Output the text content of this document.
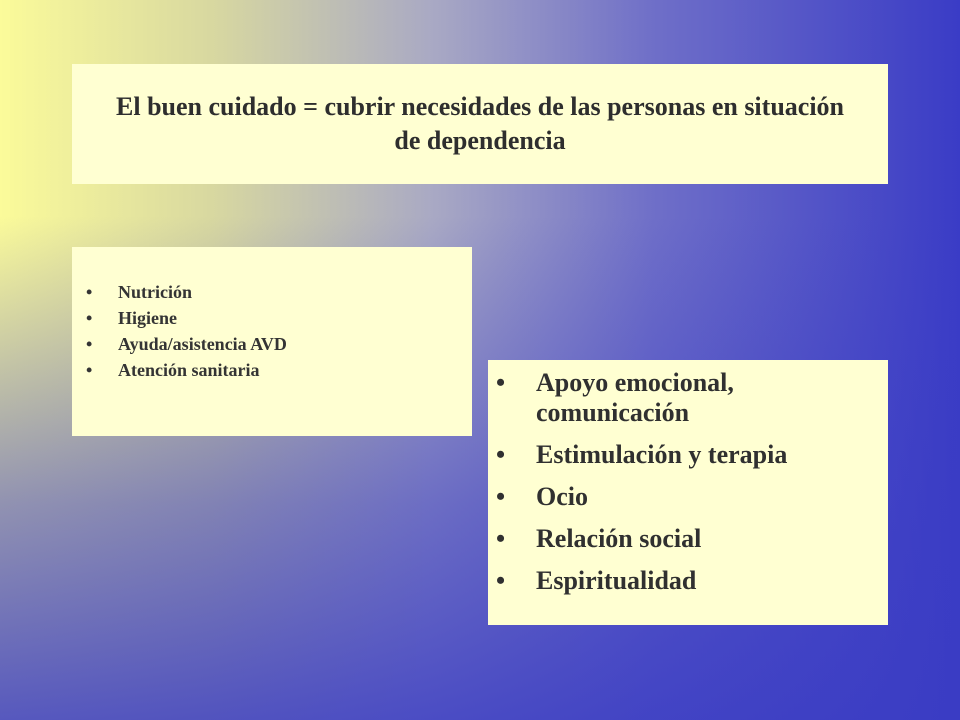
El buen cuidado = cubrir necesidades de las personas en situación de dependencia
• Nutrición
• Higiene
• Ayuda/asistencia AVD
• Atención sanitaria	• Apoyo emocional, comunicación
• Estimulación y terapia
• Ocio
• Relación social
• Espiritualidad
